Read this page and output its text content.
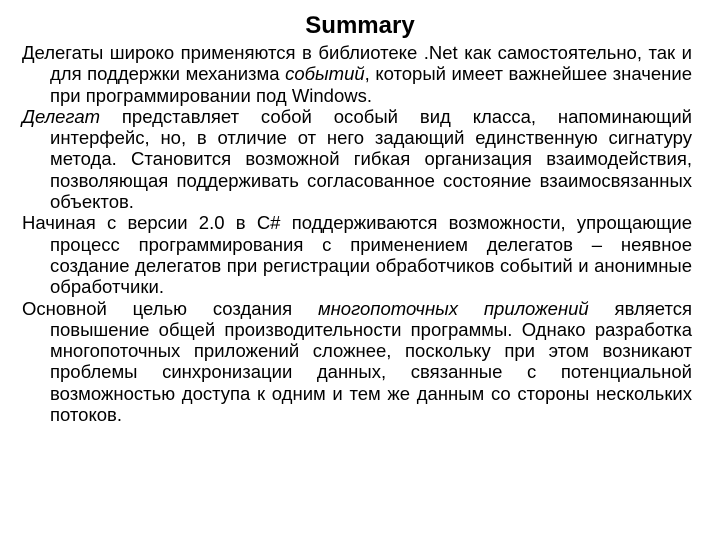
Summary

Делегаты широко применяются в библиотеке .Net как самостоятельно, так и для поддержки механизма событий, который имеет важнейшее значение при программировании под Windows.

Делегат представляет собой особый вид класса, напоминающий интерфейс, но, в отличие от него задающий единственную сигнатуру метода. Становится возможной гибкая организация взаимодействия, позволяющая поддерживать согласованное состояние взаимосвязанных объектов.

Начиная с версии 2.0 в С# поддерживаются возможности, упрощающие процесс программирования с применением делегатов – неявное создание делегатов при регистрации обработчиков событий и анонимные обработчики.

Основной целью создания многопоточных приложений является повышение общей производительности программы. Однако разработка многопоточных приложений сложнее, поскольку при этом возникают проблемы синхронизации данных, связанные с потенциальной возможностью доступа к одним и тем же данным со стороны нескольких потоков.
